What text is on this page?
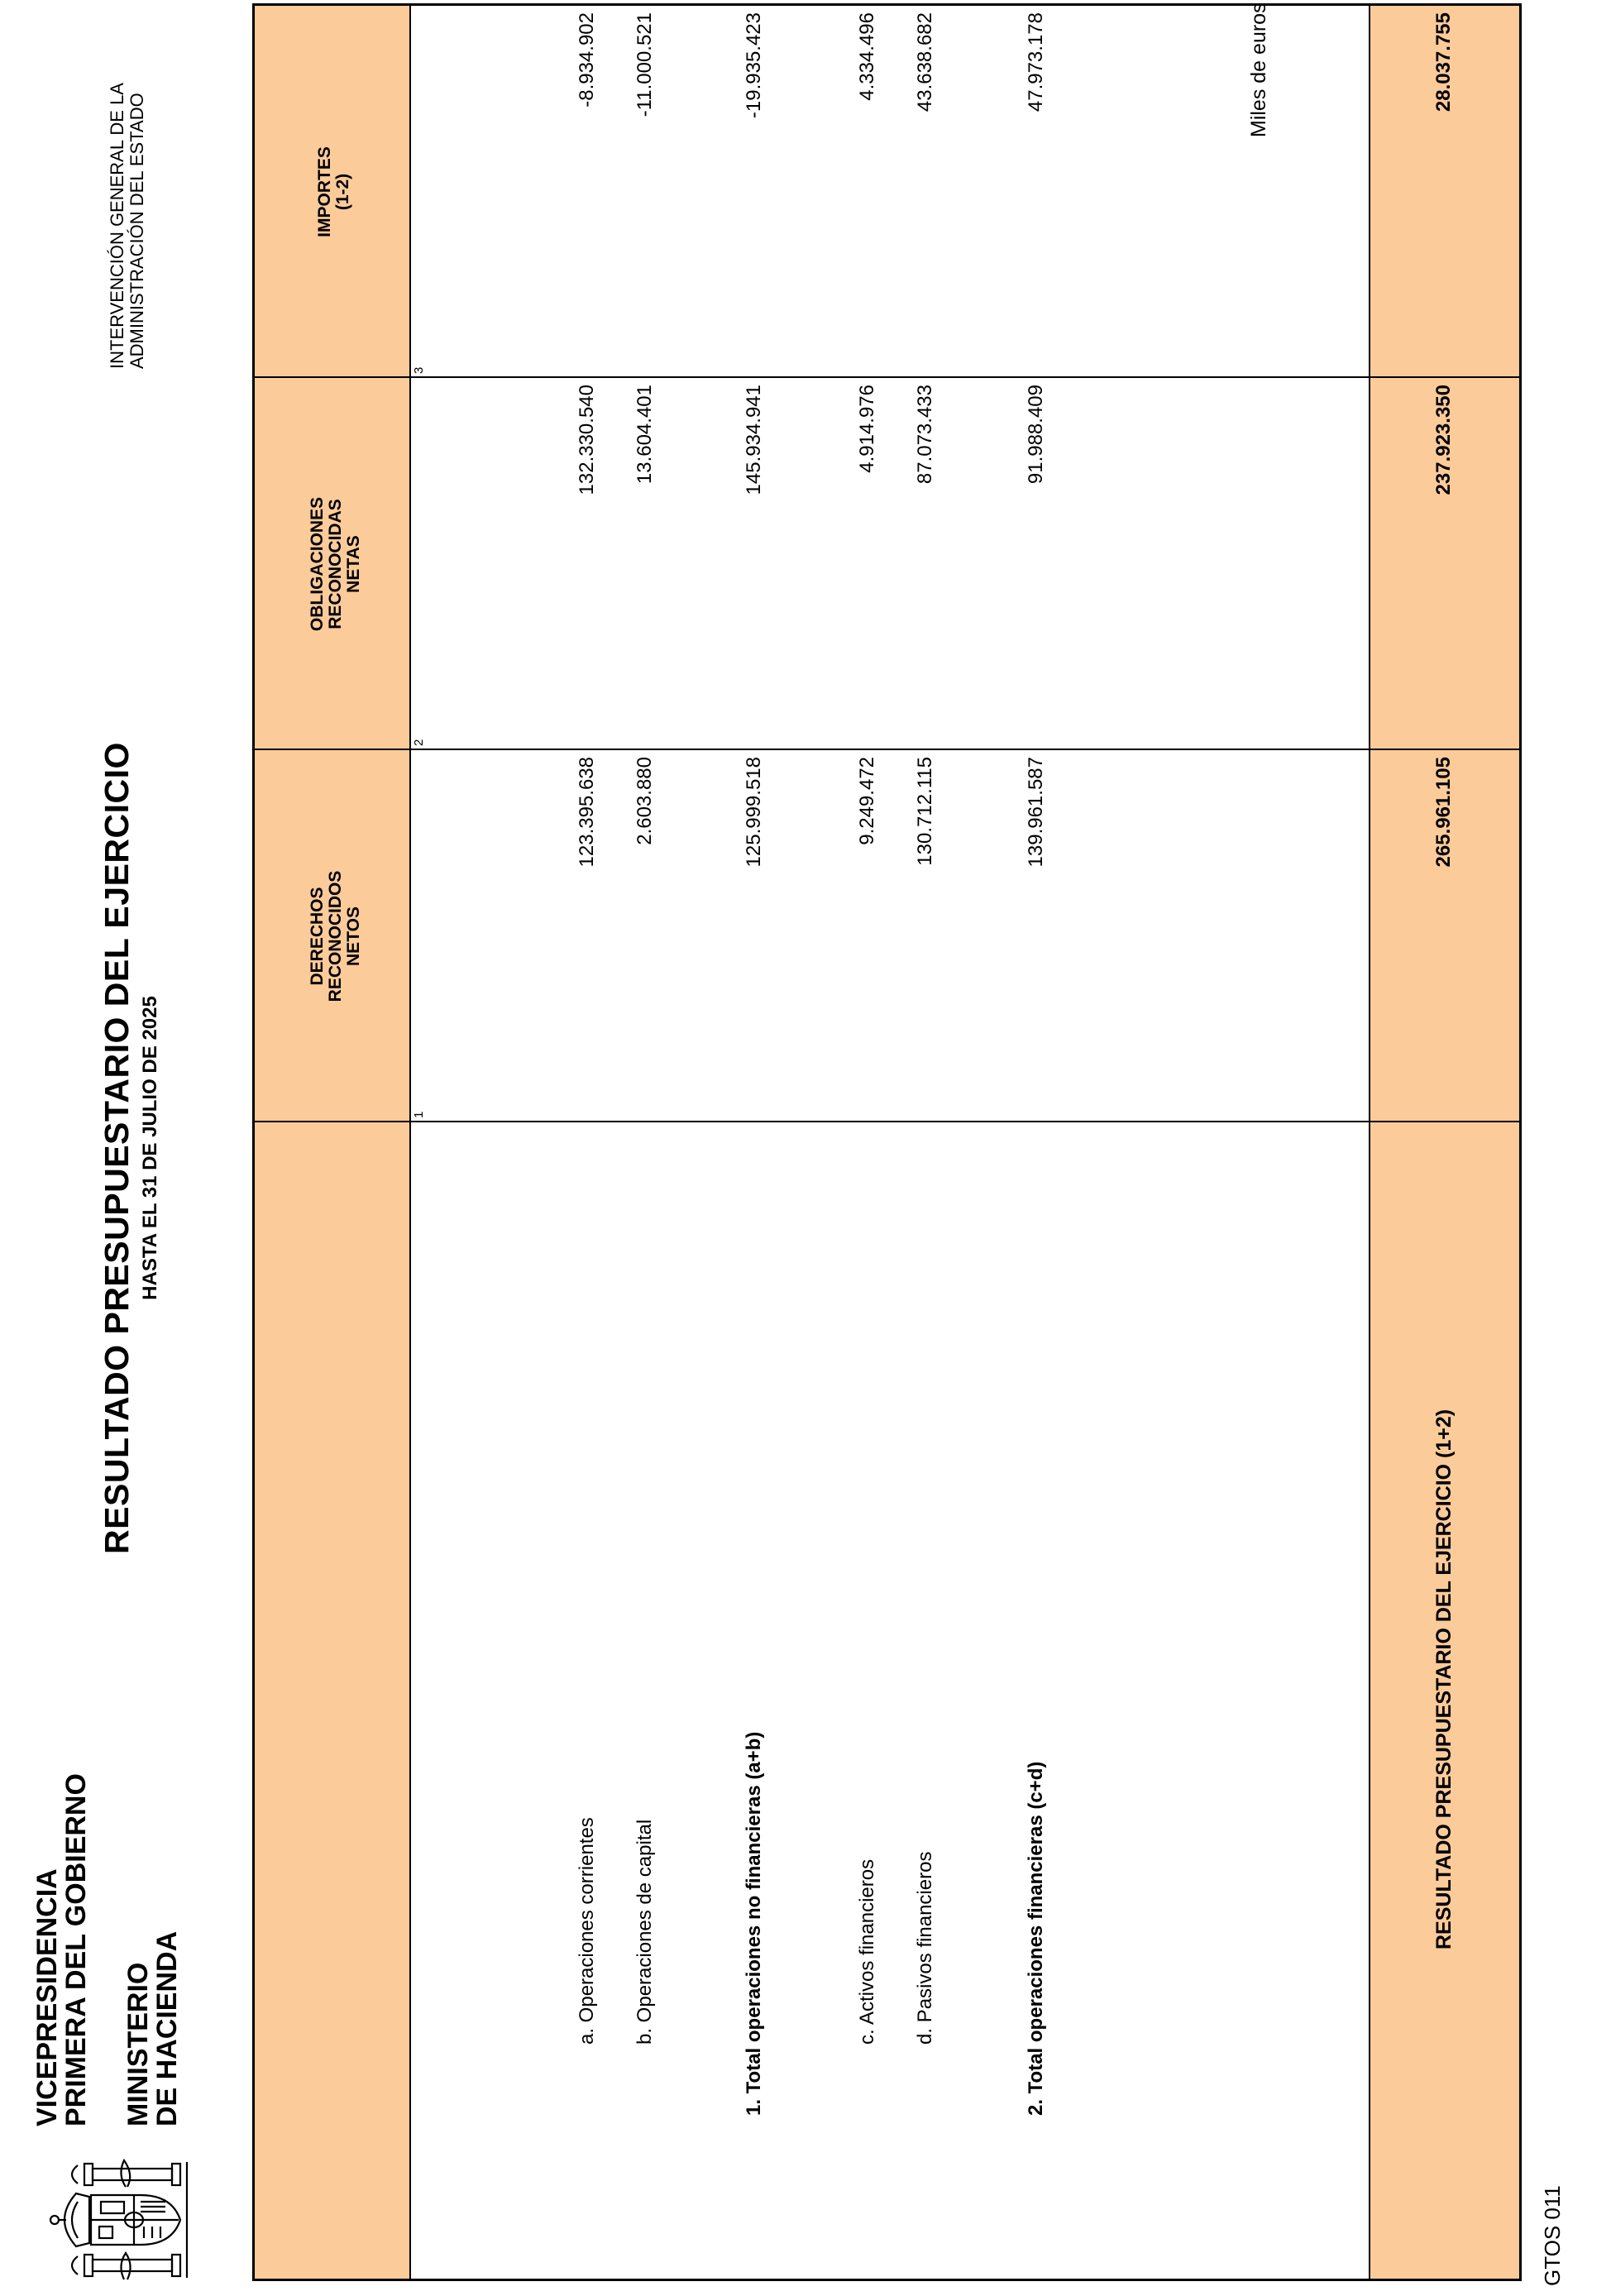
VICEPRESIDENCIA
PRIMERA DEL GOBIERNO MINISTERIO
DE HACIENDA
RESULTADO PRESUPUESTARIO DEL EJERCICIO HASTA EL 31 DE JULIO DE 2025
INTERVENCIÓN GENERAL DE LA ADMINISTRACIÓN DEL ESTADO
Miles de euros
DERECHOS RECONOCIDOS NETOS
OBLIGACIONES RECONOCIDAS NETAS
IMPORTES (1-2)
1
2
3
a. Operaciones corrientes
123.395.638
132.330.540
-8.934.902
b. Operaciones de capital
2.603.880
13.604.401
-11.000.521
1. Total operaciones no financieras (a+b)
125.999.518
145.934.941
-19.935.423
c. Activos financieros
9.249.472
4.914.976
4.334.496
d. Pasivos financieros
130.712.115
87.073.433
43.638.682
2. Total operaciones financieras (c+d)
139.961.587
91.988.409
47.973.178
RESULTADO PRESUPUESTARIO DEL EJERCICIO (1+2)
265.961.105
237.923.350
28.037.755
GTOS 011
